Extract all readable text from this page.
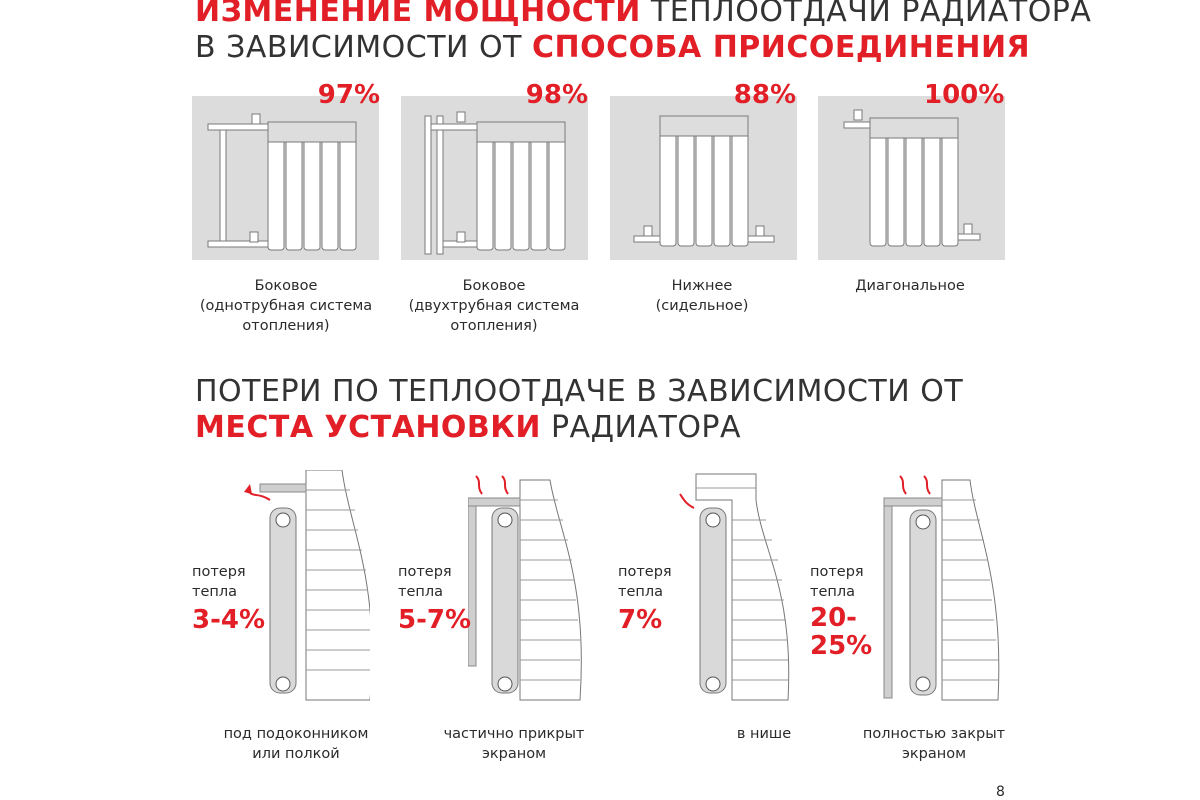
ИЗМЕНЕНИЕ МОЩНОСТИ ТЕПЛООТДАЧИ РАДИАТОРА
В ЗАВИСИМОСТИ ОТ СПОСОБА ПРИСОЕДИНЕНИЯ
97%
Боковое
(однотрубная система
отопления)
98%
Боковое
(двухтрубная система
отопления)
88%
Нижнее
(сидельное)
100%
Диагональное
ПОТЕРИ ПО ТЕПЛООТДАЧЕ В ЗАВИСИМОСТИ ОТ
МЕСТА УСТАНОВКИ РАДИАТОРА
потеря
тепла
3-4%
под подоконником
или полкой
потеря
тепла
5-7%
частично прикрыт
экраном
потеря
тепла
7%
в нише
потеря
тепла
20-
25%
полностью закрыт
экраном
8
